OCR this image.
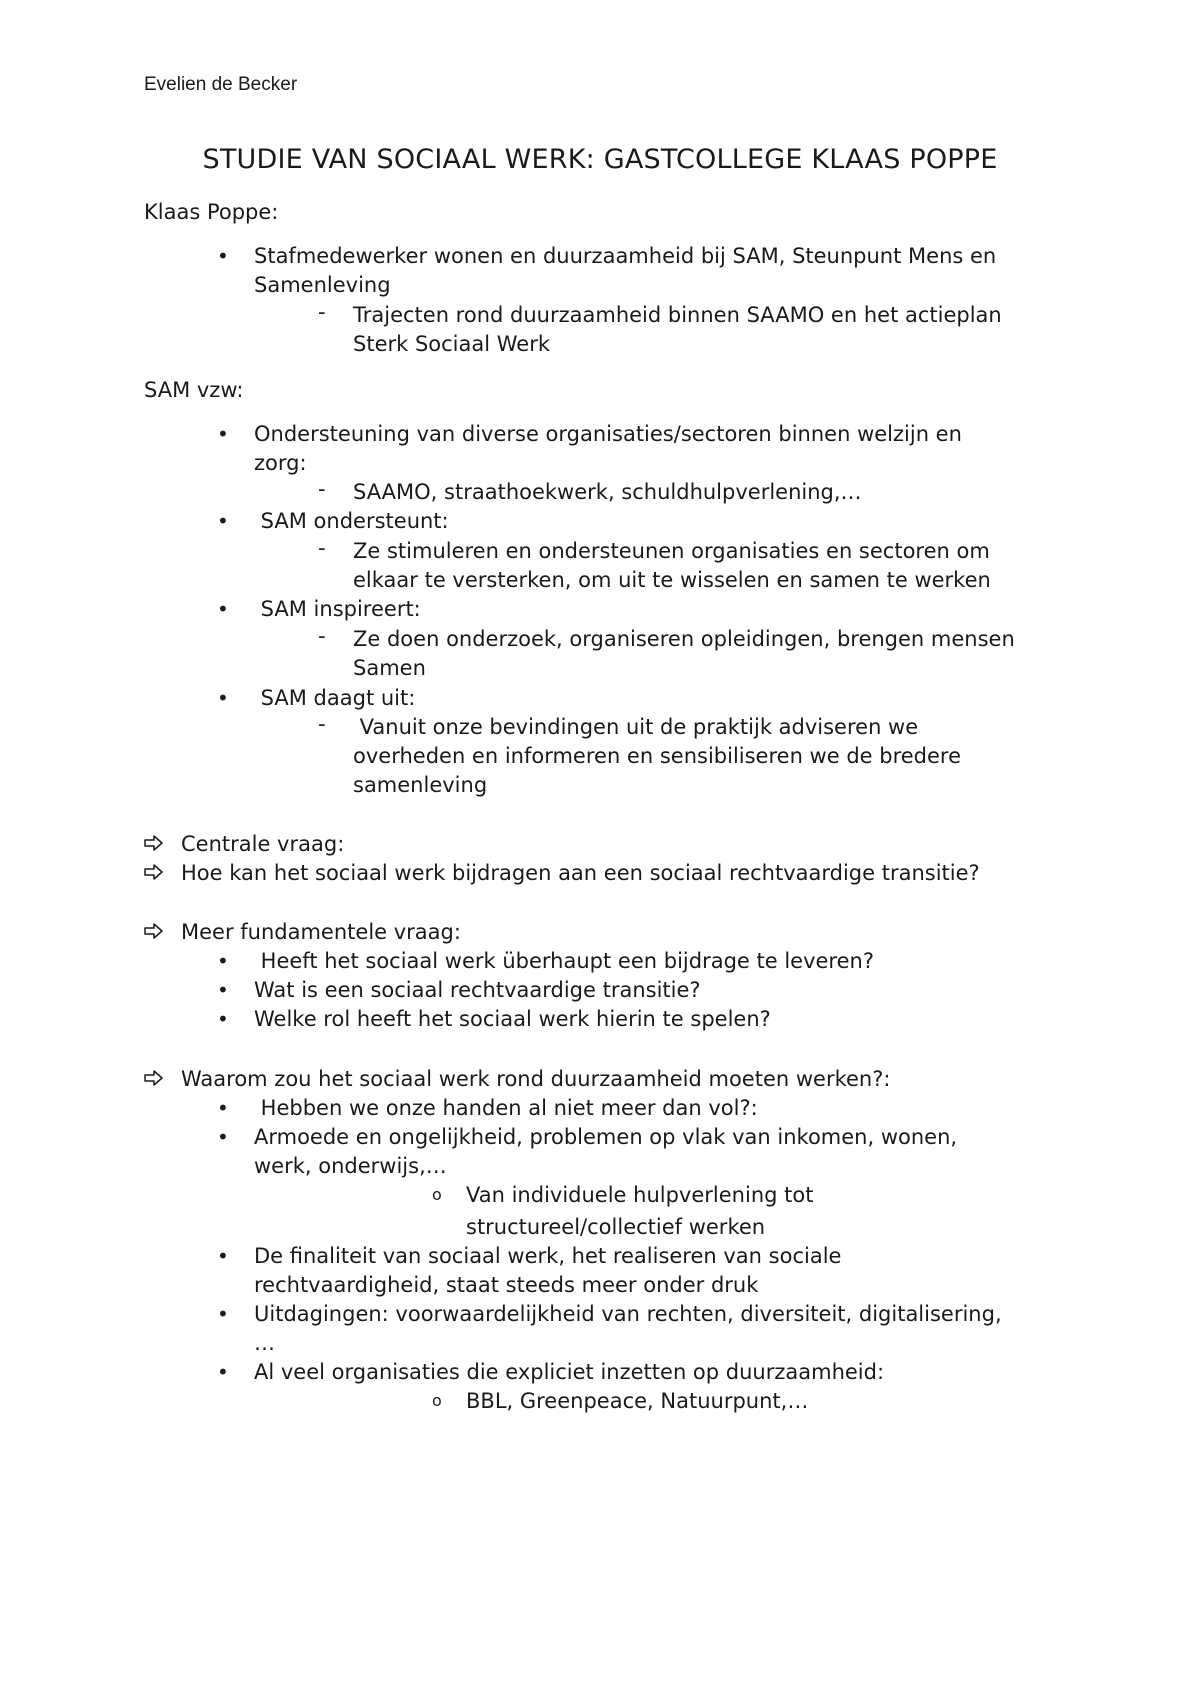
Evelien de Becker
STUDIE VAN SOCIAAL WERK: GASTCOLLEGE KLAAS POPPE
Klaas Poppe:
• Stafmedewerker wonen en duurzaamheid bij SAM, Steunpunt Mens en
Samenleving
- Trajecten rond duurzaamheid binnen SAAMO en het actieplan
Sterk Sociaal Werk
SAM vzw:
• Ondersteuning van diverse organisaties/sectoren binnen welzijn en
zorg:
- SAAMO, straathoekwerk, schuldhulpverlening,…
• SAM ondersteunt:
- Ze stimuleren en ondersteunen organisaties en sectoren om
elkaar te versterken, om uit te wisselen en samen te werken
• SAM inspireert:
- Ze doen onderzoek, organiseren opleidingen, brengen mensen
Samen
• SAM daagt uit:
- Vanuit onze bevindingen uit de praktijk adviseren we
overheden en informeren en sensibiliseren we de bredere
samenleving
Centrale vraag:
Hoe kan het sociaal werk bijdragen aan een sociaal rechtvaardige transitie?
Meer fundamentele vraag:
• Heeft het sociaal werk überhaupt een bijdrage te leveren?
• Wat is een sociaal rechtvaardige transitie?
• Welke rol heeft het sociaal werk hierin te spelen?
Waarom zou het sociaal werk rond duurzaamheid moeten werken?:
• Hebben we onze handen al niet meer dan vol?:
• Armoede en ongelijkheid, problemen op vlak van inkomen, wonen,
werk, onderwijs,…
o Van individuele hulpverlening tot
structureel/collectief werken
• De finaliteit van sociaal werk, het realiseren van sociale
rechtvaardigheid, staat steeds meer onder druk
• Uitdagingen: voorwaardelijkheid van rechten, diversiteit, digitalisering,
…
• Al veel organisaties die expliciet inzetten op duurzaamheid:
o BBL, Greenpeace, Natuurpunt,…
